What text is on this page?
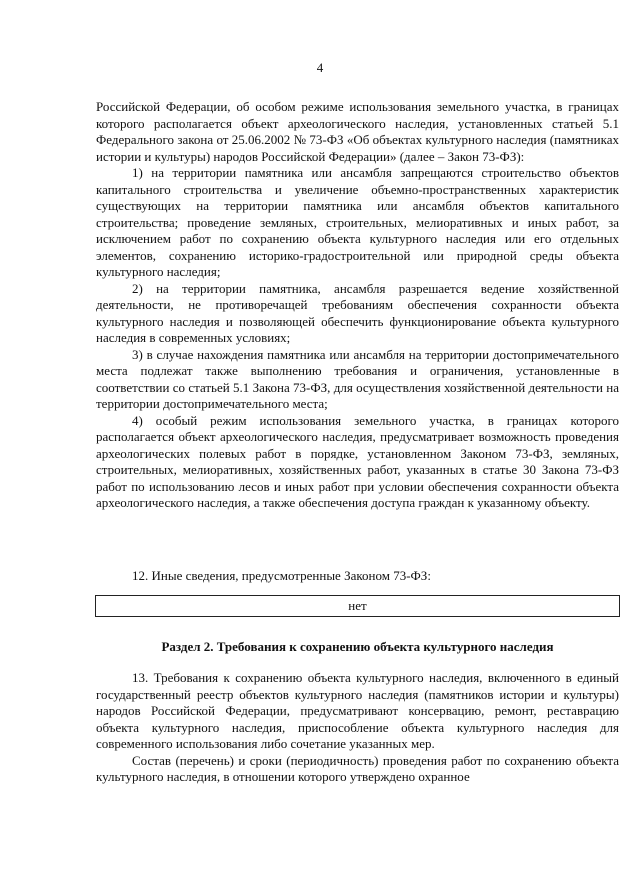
4

Российской Федерации, об особом режиме использования земельного участка, в границах которого располагается объект археологического наследия, установленных статьей 5.1 Федерального закона от 25.06.2002 № 73-ФЗ «Об объектах культурного наследия (памятниках истории и культуры) народов Российской Федерации» (далее – Закон 73-ФЗ):

1) на территории памятника или ансамбля запрещаются строительство объектов капитального строительства и увеличение объемно-пространственных характеристик существующих на территории памятника или ансамбля объектов капитального строительства; проведение земляных, строительных, мелиоративных и иных работ, за исключением работ по сохранению объекта культурного наследия или его отдельных элементов, сохранению историко-градостроительной или природной среды объекта культурного наследия;

2) на территории памятника, ансамбля разрешается ведение хозяйственной деятельности, не противоречащей требованиям обеспечения сохранности объекта культурного наследия и позволяющей обеспечить функционирование объекта культурного наследия в современных условиях;

3) в случае нахождения памятника или ансамбля на территории достопримечательного места подлежат также выполнению требования и ограничения, установленные в соответствии со статьей 5.1 Закона 73-ФЗ, для осуществления хозяйственной деятельности на территории достопримечательного места;

4) особый режим использования земельного участка, в границах которого располагается объект археологического наследия, предусматривает возможность проведения археологических полевых работ в порядке, установленном Законом 73-ФЗ, земляных, строительных, мелиоративных, хозяйственных работ, указанных в статье 30 Закона 73-ФЗ работ по использованию лесов и иных работ при условии обеспечения сохранности объекта археологического наследия, а также обеспечения доступа граждан к указанному объекту.

12. Иные сведения, предусмотренные Законом 73-ФЗ:

нет
Раздел 2. Требования к сохранению объекта культурного наследия

13. Требования к сохранению объекта культурного наследия, включенного в единый государственный реестр объектов культурного наследия (памятников истории и культуры) народов Российской Федерации, предусматривают консервацию, ремонт, реставрацию объекта культурного наследия, приспособление объекта культурного наследия для современного использования либо сочетание указанных мер.

Состав (перечень) и сроки (периодичность) проведения работ по сохранению объекта культурного наследия, в отношении которого утверждено охранное
